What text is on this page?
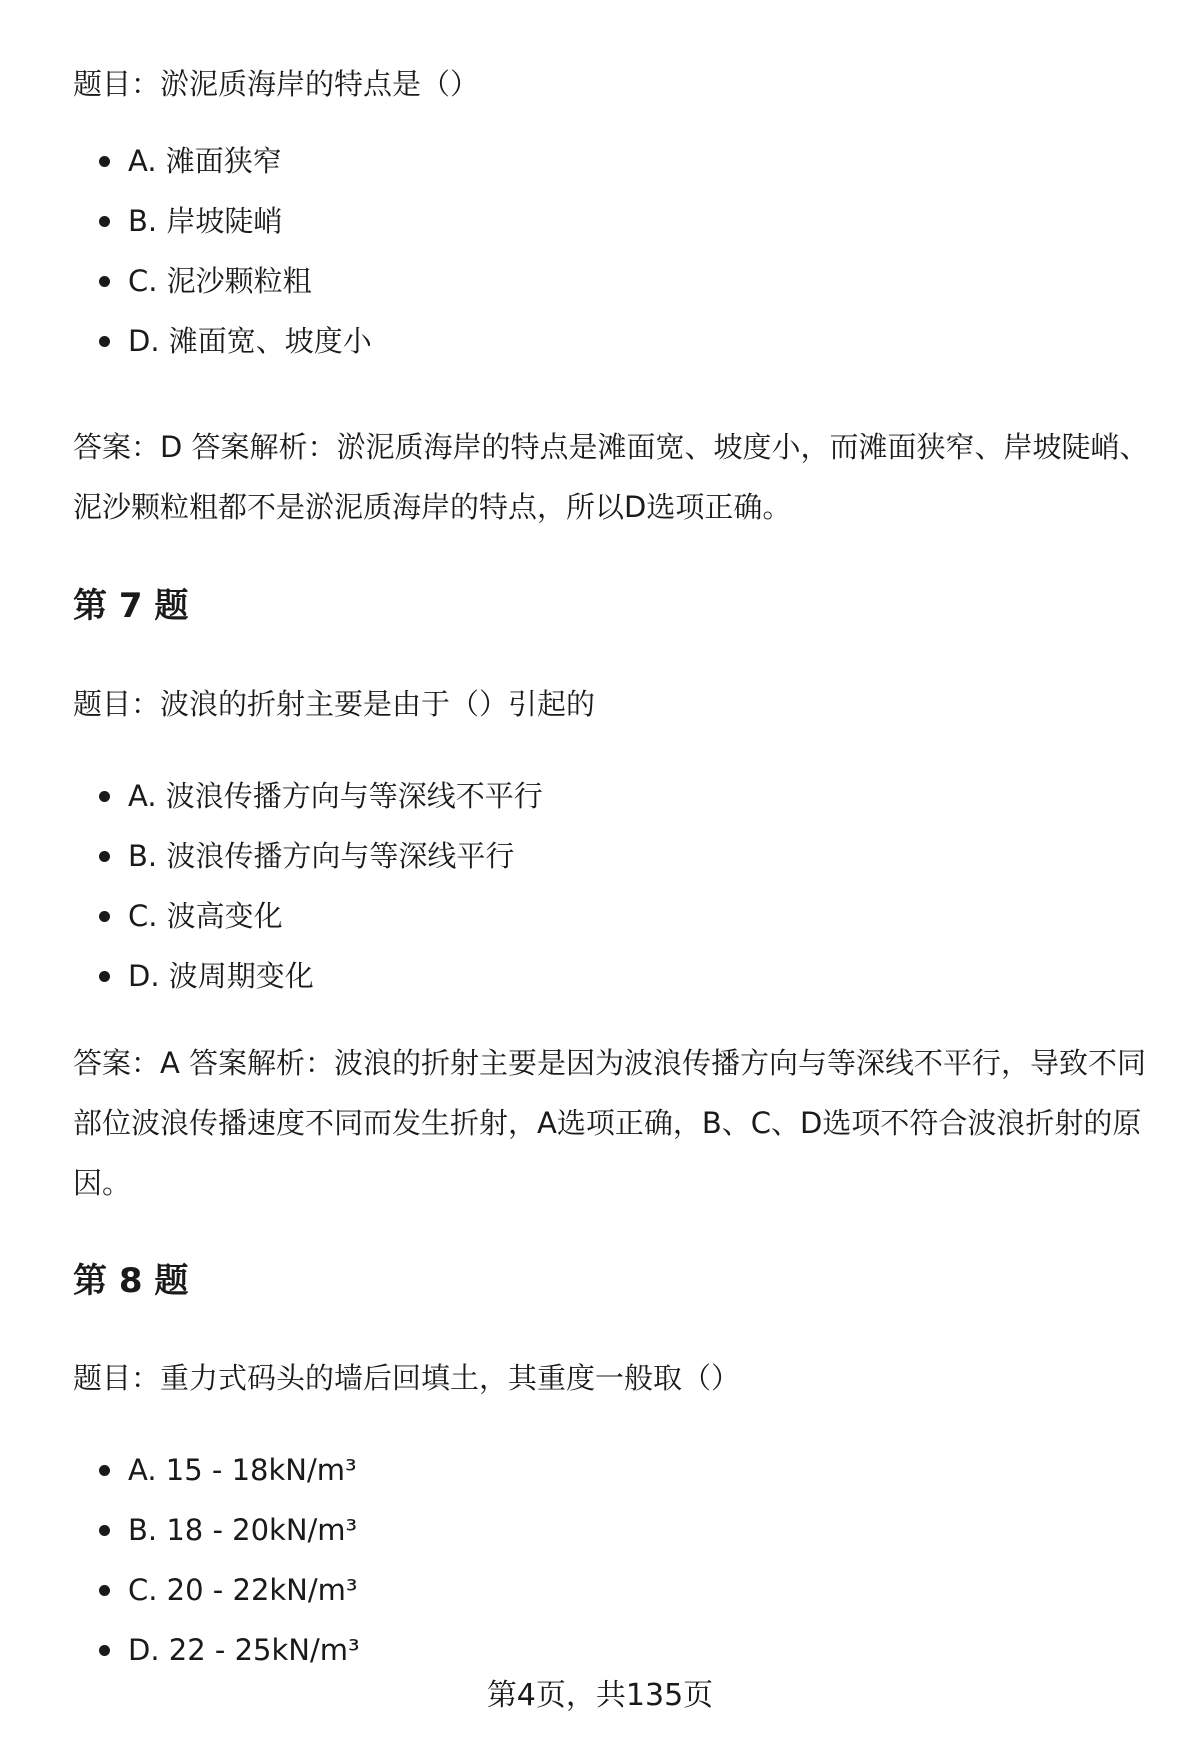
题目：淤泥质海岸的特点是（）
A. 滩面狭窄
B. 岸坡陡峭
C. 泥沙颗粒粗
D. 滩面宽、坡度小

答案：D 答案解析：淤泥质海岸的特点是滩面宽、坡度小，而滩面狭窄、岸坡陡峭、泥沙颗粒粗都不是淤泥质海岸的特点，所以D选项正确。

第 7 题
题目：波浪的折射主要是由于（）引起的
A. 波浪传播方向与等深线不平行
B. 波浪传播方向与等深线平行
C. 波高变化
D. 波周期变化

答案：A 答案解析：波浪的折射主要是因为波浪传播方向与等深线不平行，导致不同部位波浪传播速度不同而发生折射，A选项正确，B、C、D选项不符合波浪折射的原因。

第 8 题
题目：重力式码头的墙后回填土，其重度一般取（）
A. 15 - 18kN/m³
B. 18 - 20kN/m³
C. 20 - 22kN/m³
D. 22 - 25kN/m³
第4页，共135页
